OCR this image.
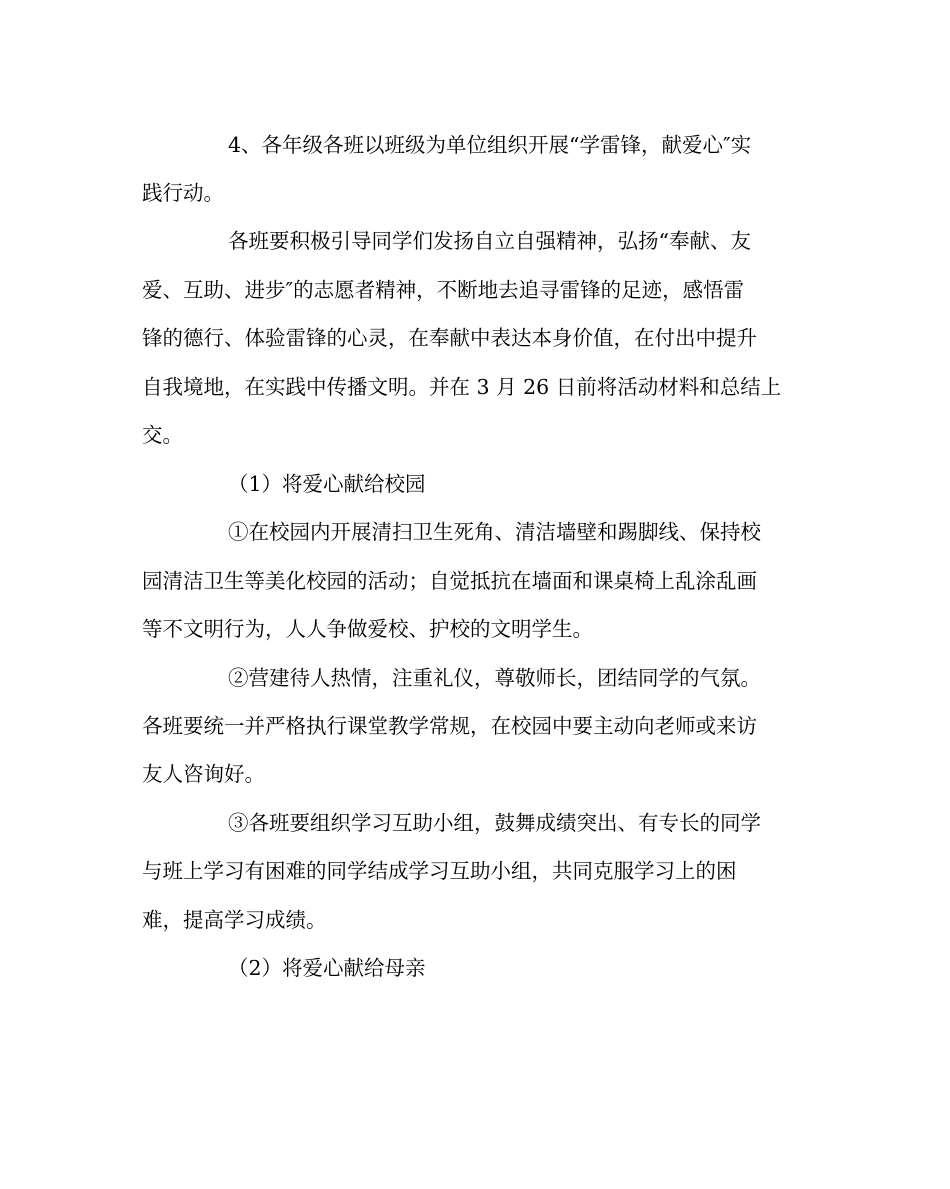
4、各年级各班以班级为单位组织开展“学雷锋，献爱心″实
践行动。
各班要积极引导同学们发扬自立自强精神，弘扬“奉献、友
爱、互助、进步″的志愿者精神，不断地去追寻雷锋的足迹，感悟雷
锋的德行、体验雷锋的心灵，在奉献中表达本身价值，在付出中提升
自我境地，在实践中传播文明。并在 3 月 26 日前将活动材料和总结上
交。
（1）将爱心献给校园
①在校园内开展清扫卫生死角、清洁墙壁和踢脚线、保持校
园清洁卫生等美化校园的活动；自觉抵抗在墙面和课桌椅上乱涂乱画
等不文明行为，人人争做爱校、护校的文明学生。
②营建待人热情，注重礼仪，尊敬师长，团结同学的气氛。
各班要统一并严格执行课堂教学常规，在校园中要主动向老师或来访
友人咨询好。
③各班要组织学习互助小组，鼓舞成绩突出、有专长的同学
与班上学习有困难的同学结成学习互助小组，共同克服学习上的困
难，提高学习成绩。
（2）将爱心献给母亲
